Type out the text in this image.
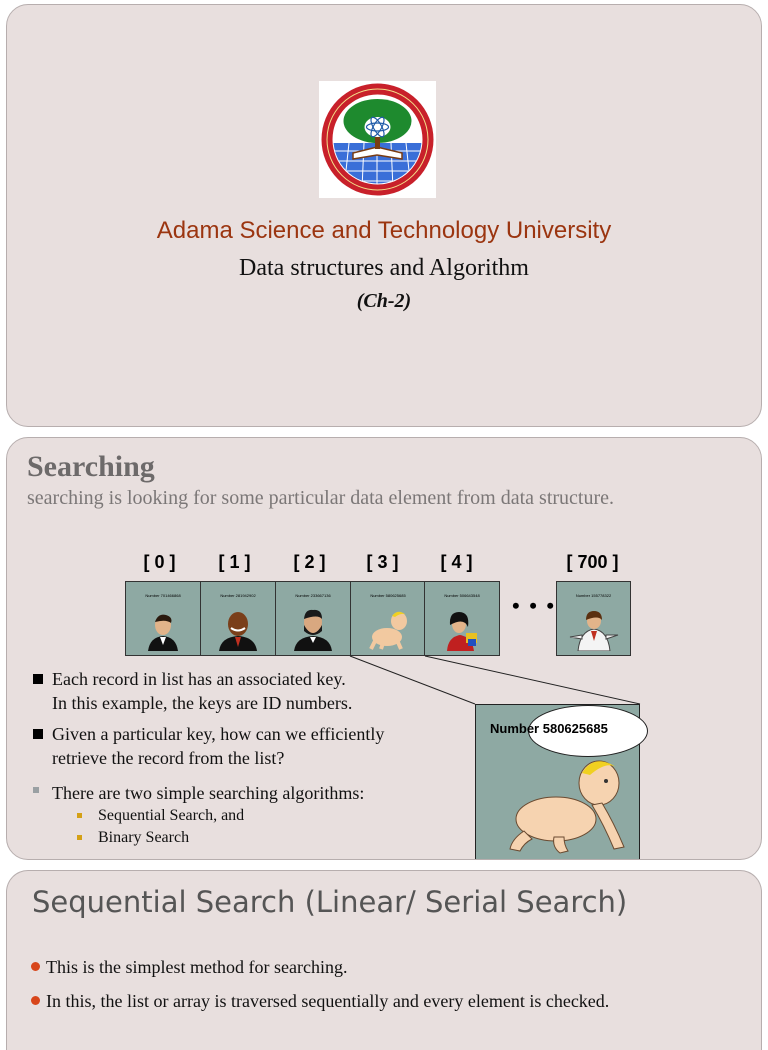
Adama Science and Technology University
Data structures and Algorithm
(Ch-2)
Searching
searching is looking for some particular data element from data structure.
[ 0 ]	[ 1 ]	[ 2 ]	[ 3 ]	[ 4 ]	[ 700 ]
Number 701466868	Number 281942902	Number 233667136	Number 580625685	Number 506643548	• • •	Number 155778322
Each record in list has an associated key.
In this example, the keys are ID numbers.
Given a particular key, how can we efficiently
retrieve the record from the list?
There are two simple searching algorithms:
Sequential Search, and
Binary Search
Number 580625685
Sequential Search (Linear/ Serial Search)
This is the simplest method for searching.
In this, the list or array is traversed sequentially and every element is checked.
